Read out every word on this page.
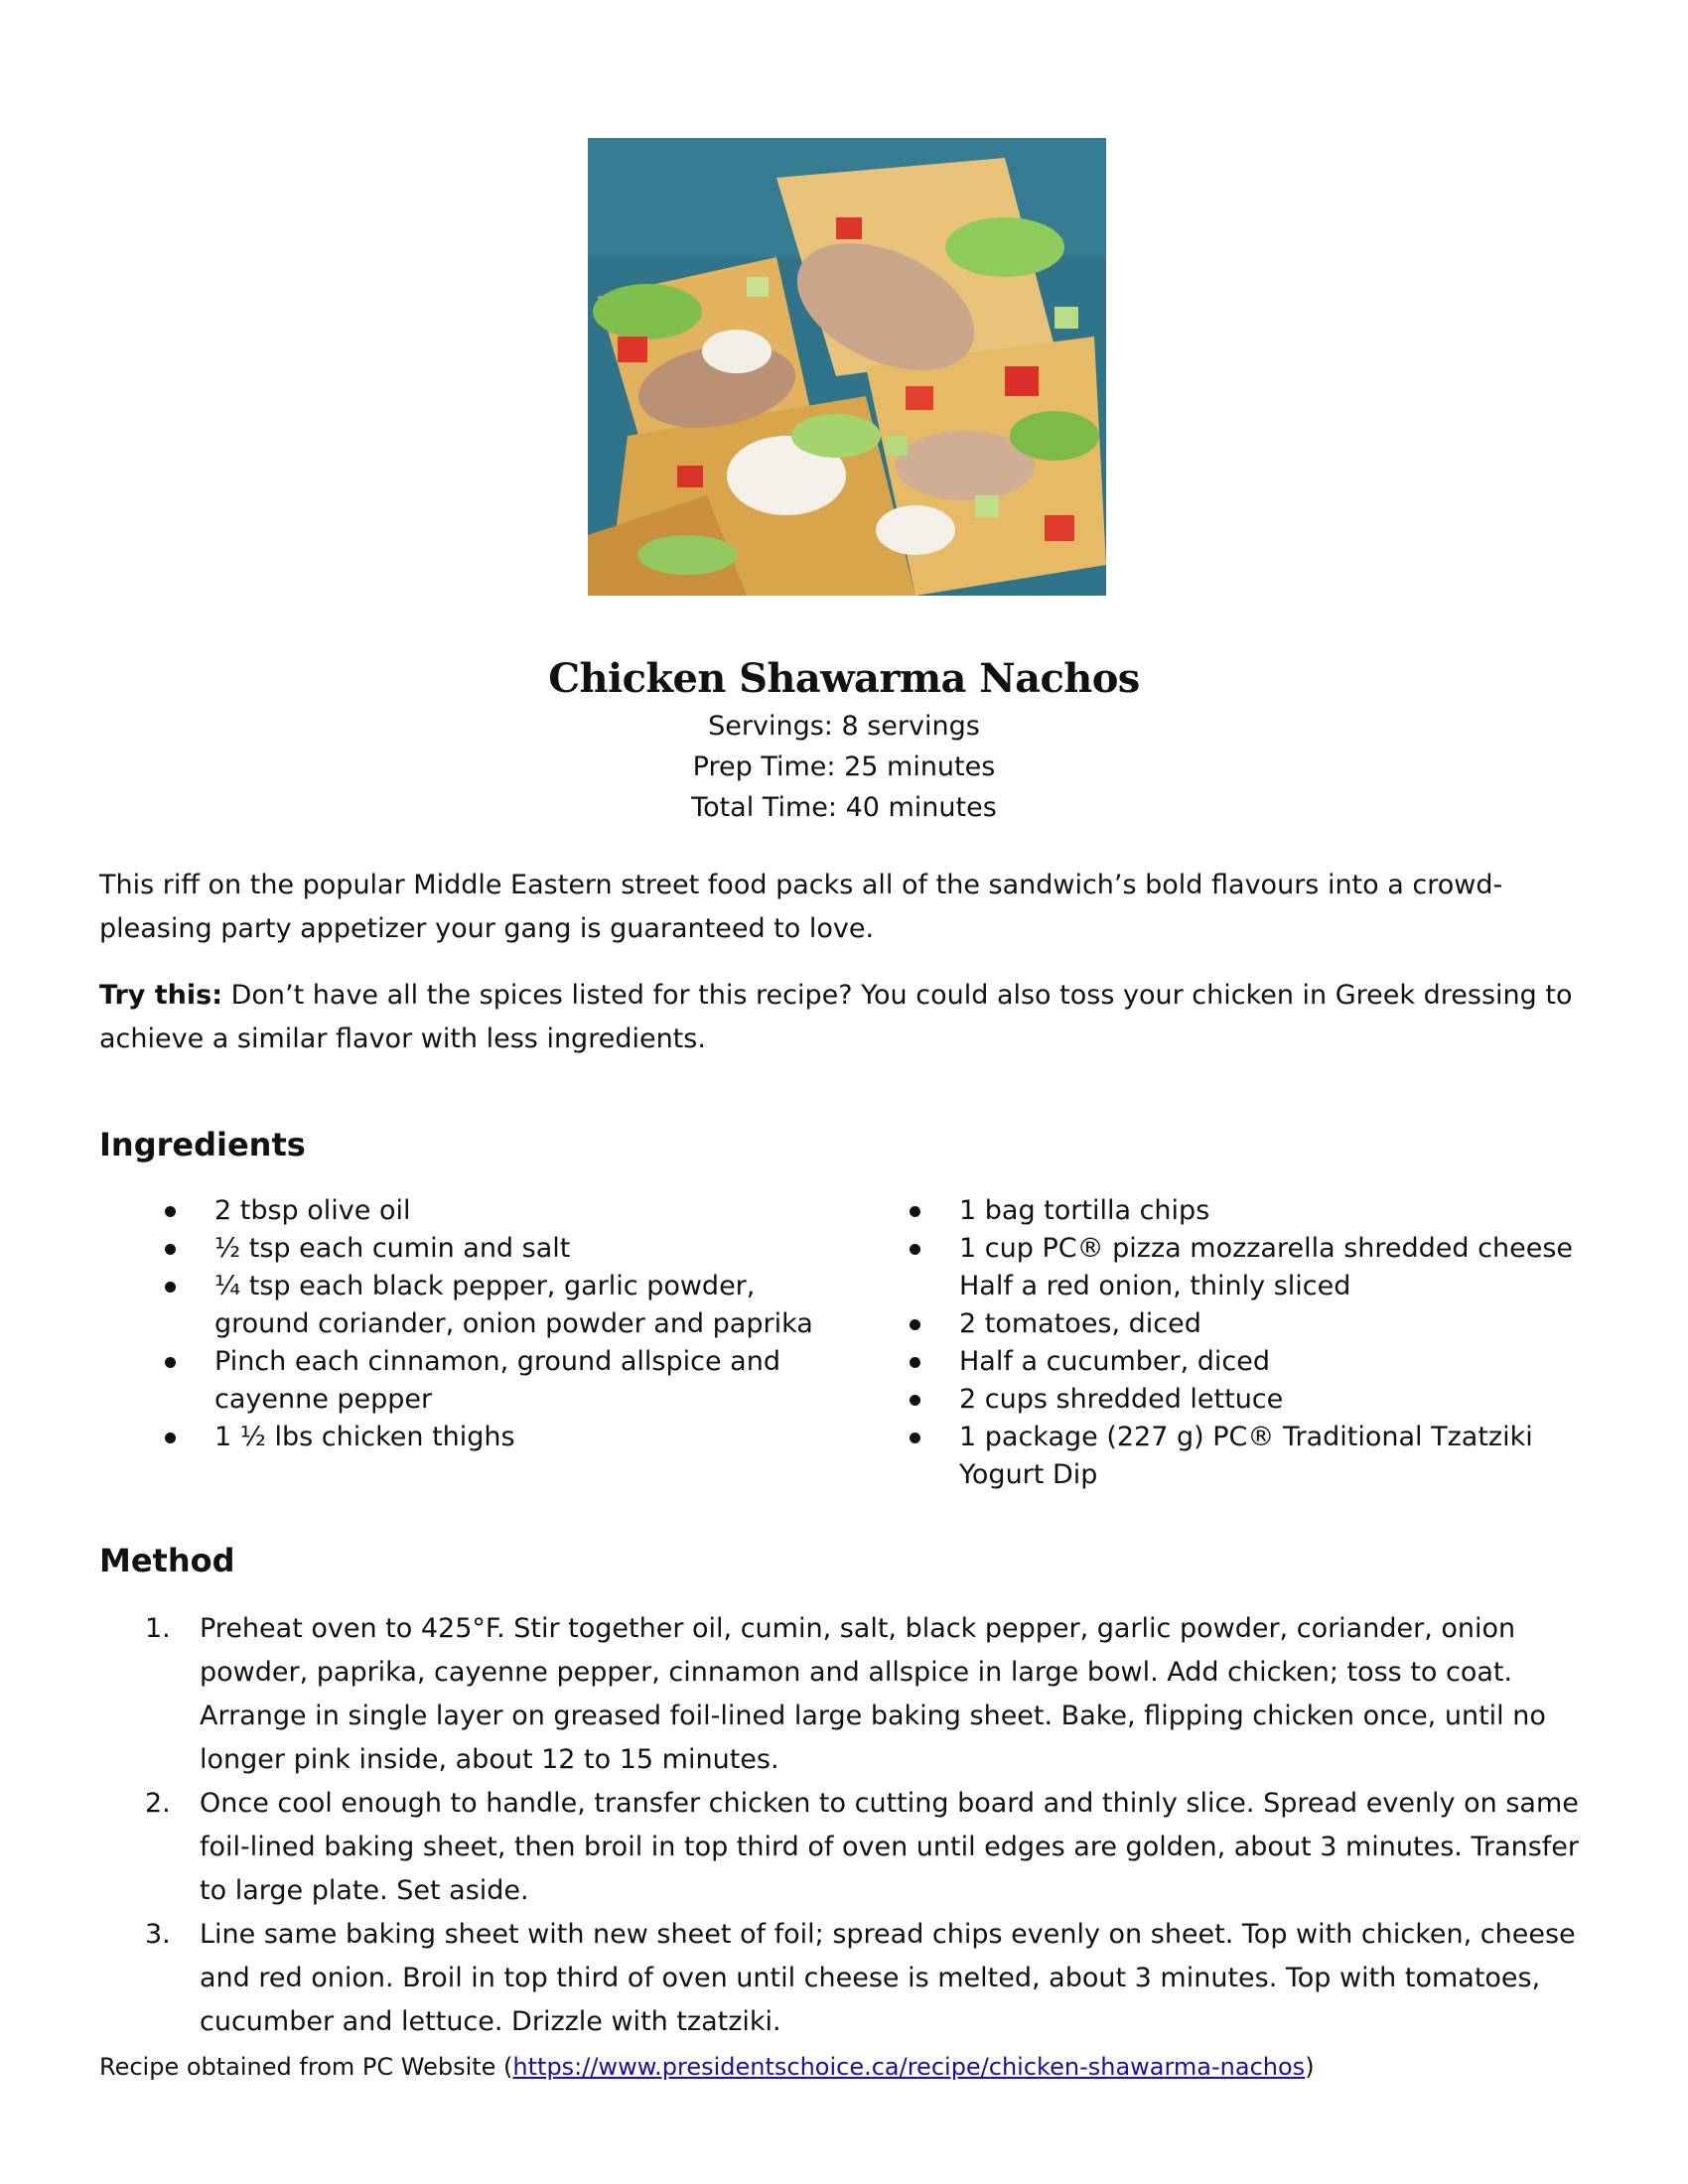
Chicken Shawarma Nachos
Servings: 8 servings
Prep Time: 25 minutes
Total Time: 40 minutes
This riff on the popular Middle Eastern street food packs all of the sandwich’s bold flavours into a crowd-pleasing party appetizer your gang is guaranteed to love.
Try this: Don’t have all the spices listed for this recipe? You could also toss your chicken in Greek dressing to achieve a similar flavor with less ingredients.
Ingredients
2 tbsp olive oil
½ tsp each cumin and salt
¼ tsp each black pepper, garlic powder, ground coriander, onion powder and paprika
Pinch each cinnamon, ground allspice and cayenne pepper
1 ½ lbs chicken thighs
1 bag tortilla chips
1 cup PC® pizza mozzarella shredded cheese Half a red onion, thinly sliced
2 tomatoes, diced
Half a cucumber, diced
2 cups shredded lettuce
1 package (227 g) PC® Traditional Tzatziki Yogurt Dip
Method
1. Preheat oven to 425°F. Stir together oil, cumin, salt, black pepper, garlic powder, coriander, onion powder, paprika, cayenne pepper, cinnamon and allspice in large bowl. Add chicken; toss to coat. Arrange in single layer on greased foil-lined large baking sheet. Bake, flipping chicken once, until no longer pink inside, about 12 to 15 minutes.
2. Once cool enough to handle, transfer chicken to cutting board and thinly slice. Spread evenly on same foil-lined baking sheet, then broil in top third of oven until edges are golden, about 3 minutes. Transfer to large plate. Set aside.
3. Line same baking sheet with new sheet of foil; spread chips evenly on sheet. Top with chicken, cheese and red onion. Broil in top third of oven until cheese is melted, about 3 minutes. Top with tomatoes, cucumber and lettuce. Drizzle with tzatziki.
Recipe obtained from PC Website (https://www.presidentschoice.ca/recipe/chicken-shawarma-nachos)
